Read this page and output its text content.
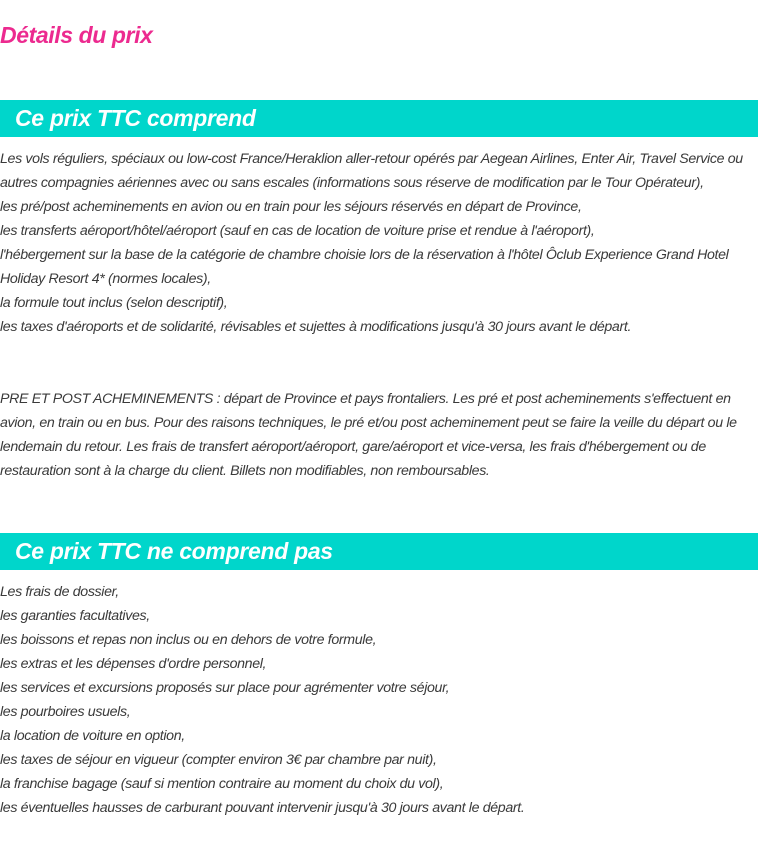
Détails du prix
Ce prix TTC comprend

Les vols réguliers, spéciaux ou low-cost France/Heraklion aller-retour opérés par Aegean Airlines, Enter Air, Travel Service ou autres compagnies aériennes avec ou sans escales (informations sous réserve de modification par le Tour Opérateur),

les pré/post acheminements en avion ou en train pour les séjours réservés en départ de Province,

les transferts aéroport/hôtel/aéroport (sauf en cas de location de voiture prise et rendue à l'aéroport),

l'hébergement sur la base de la catégorie de chambre choisie lors de la réservation à l'hôtel Ôclub Experience Grand Hotel Holiday Resort 4* (normes locales),

la formule tout inclus (selon descriptif),

les taxes d'aéroports et de solidarité, révisables et sujettes à modifications jusqu'à 30 jours avant le départ.

PRE ET POST ACHEMINEMENTS : départ de Province et pays frontaliers. Les pré et post acheminements s'effectuent en avion, en train ou en bus. Pour des raisons techniques, le pré et/ou post acheminement peut se faire la veille du départ ou le lendemain du retour. Les frais de transfert aéroport/aéroport, gare/aéroport et vice-versa, les frais d'hébergement ou de restauration sont à la charge du client. Billets non modifiables, non remboursables.

Ce prix TTC ne comprend pas

Les frais de dossier,

les garanties facultatives,

les boissons et repas non inclus ou en dehors de votre formule,

les extras et les dépenses d'ordre personnel,

les services et excursions proposés sur place pour agrémenter votre séjour,

les pourboires usuels,

la location de voiture en option,

les taxes de séjour en vigueur (compter environ 3€ par chambre par nuit),

la franchise bagage (sauf si mention contraire au moment du choix du vol),

les éventuelles hausses de carburant pouvant intervenir jusqu'à 30 jours avant le départ.
